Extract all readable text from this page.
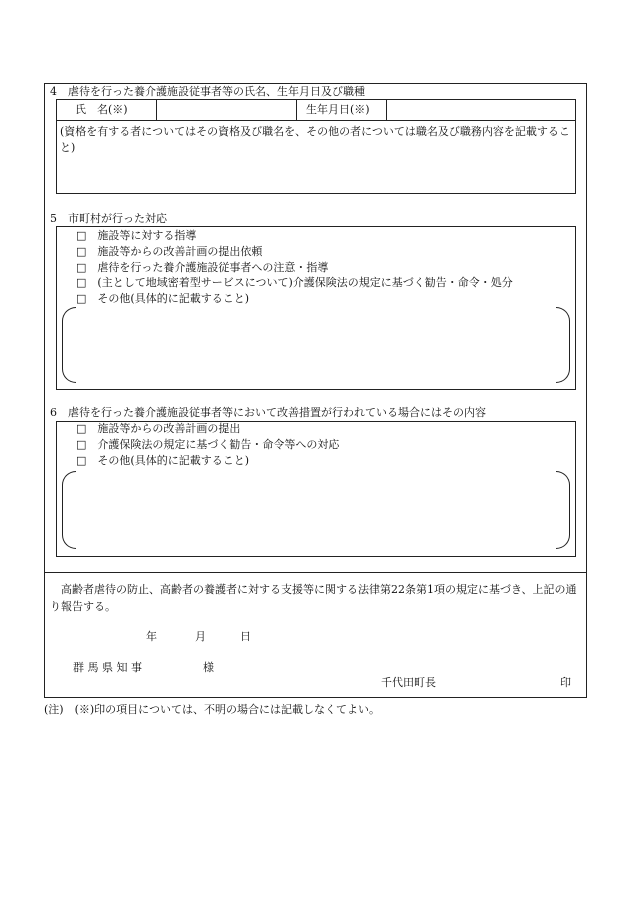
4　虐待を行った養介護施設従事者等の氏名、生年月日及び職種
氏　名(※)	生年月日(※)
(資格を有する者についてはその資格及び職名を、その他の者については職名及び職務内容を記載すること)
5　市町村が行った対応
□　 施設等に対する指導
□　 施設等からの改善計画の提出依頼
□　 虐待を行った養介護施設従事者への注意・指導
□　 (主として地域密着型サービスについて)介護保険法の規定に基づく勧告・命令・処分
□　 その他(具体的に記載すること)
6　虐待を行った養介護施設従事者等において改善措置が行われている場合にはその内容
□　 施設等からの改善計画の提出
□　 介護保険法の規定に基づく勧告・命令等への対応
□　 その他(具体的に記載すること)
高齢者虐待の防止、高齢者の養護者に対する支援等に関する法律第22条第1項の規定に基づき、上記の通り報告する。
年	月	日
群 馬 県 知 事	様
千代田町長	印
(注)　(※)印の項目については、不明の場合には記載しなくてよい。
